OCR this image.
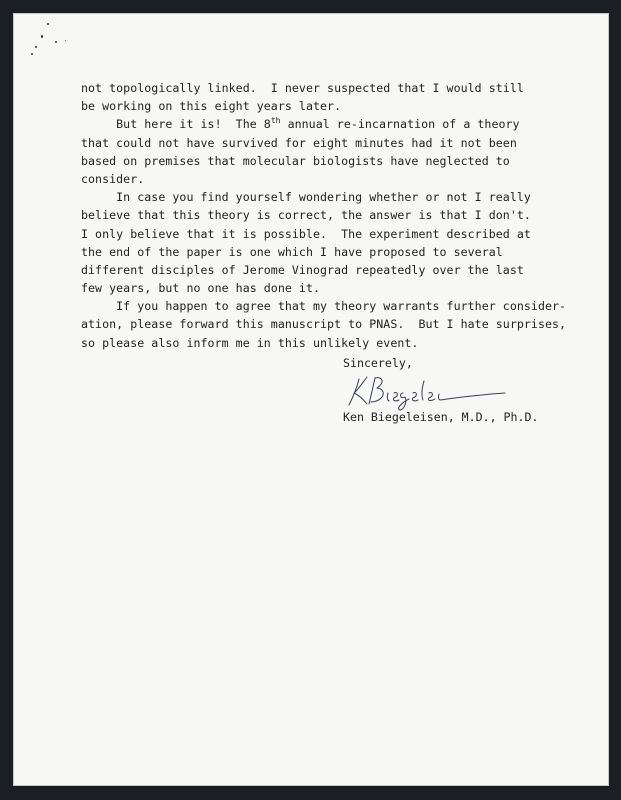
not topologically linked.  I never suspected that I would still
be working on this eight years later.
But here it is!  The 8th annual re-incarnation of a theory
that could not have survived for eight minutes had it not been
based on premises that molecular biologists have neglected to
consider.
In case you find yourself wondering whether or not I really
believe that this theory is correct, the answer is that I don't.
I only believe that it is possible.  The experiment described at
the end of the paper is one which I have proposed to several
different disciples of Jerome Vinograd repeatedly over the last
few years, but no one has done it.
If you happen to agree that my theory warrants further consider-
ation, please forward this manuscript to PNAS.  But I hate surprises,
so please also inform me in this unlikely event.
Sincerely,
Ken Biegeleisen, M.D., Ph.D.
